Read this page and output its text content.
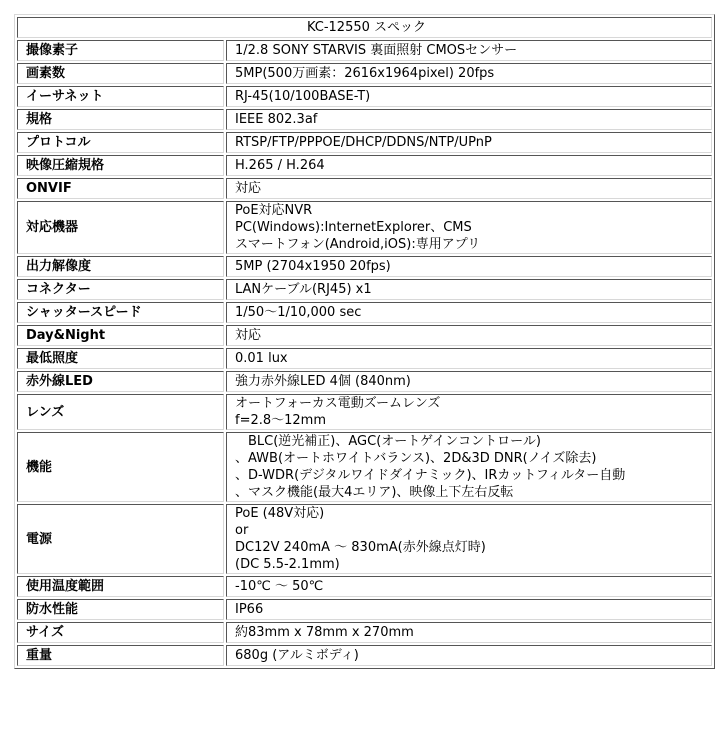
KC-12550 スペック	
撮像素子	1/2.8 SONY STARVIS 裏面照射 CMOSセンサー

画素数	5MP(500万画素：2616x1964pixel) 20fps

イーサネット	RJ-45(10/100BASE-T)

規格	IEEE 802.3af

プロトコル	RTSP/FTP/PPPOE/DHCP/DDNS/NTP/UPnP

映像圧縮規格	H.265 / H.264

ONVIF	対応

対応機器	PoE対応NVR
PC(Windows):InternetExplorer、CMS
スマートフォン(Android,iOS):専用アプリ

出力解像度	5MP (2704x1950 20fps)

コネクター	LANケーブル(RJ45) x1

シャッタースピード	1/50～1/10,000 sec

Day&Night	対応

最低照度	0.01 lux

赤外線LED	強力赤外線LED 4個 (840nm)

レンズ	オートフォーカス電動ズームレンズ
f=2.8～12mm

機能	　BLC(逆光補正)、AGC(オートゲインコントロール)
、AWB(オートホワイトバランス)、2D&3D DNR(ノイズ除去)
、D-WDR(デジタルワイドダイナミック)、IRカットフィルター自動
、マスク機能(最大4エリア)、映像上下左右反転

電源	PoE (48V対応)
or
DC12V 240mA ～ 830mA(赤外線点灯時)
(DC 5.5-2.1mm)

使用温度範囲	-10℃ ～ 50℃

防水性能	IP66

サイズ	約83mm x 78mm x 270mm

重量	680g (アルミボディ)
